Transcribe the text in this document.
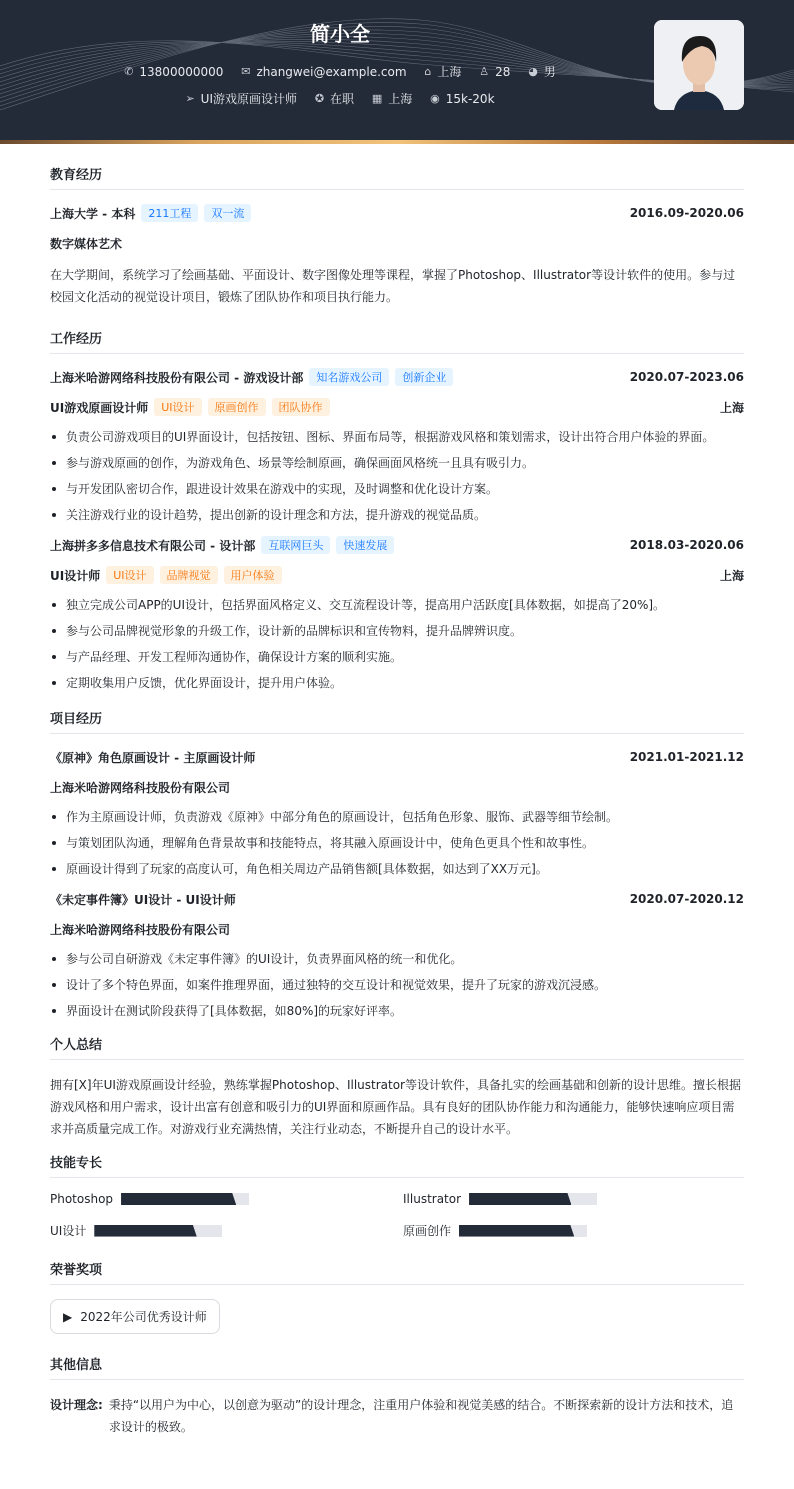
简小全
✆ 13800000000
✉ zhangwei@example.com
⌂ 上海
♙ 28
◕ 男
➢ UI游戏原画设计师
✪ 在职
▦ 上海
◉ 15k-20k
教育经历
上海大学 - 本科	211工程	双一流	2016.09-2020.06
数字媒体艺术
在大学期间，系统学习了绘画基础、平面设计、数字图像处理等课程，掌握了Photoshop、Illustrator等设计软件的使用。参与过校园文化活动的视觉设计项目，锻炼了团队协作和项目执行能力。
工作经历
上海米哈游网络科技股份有限公司 - 游戏设计部	知名游戏公司	创新企业	2020.07-2023.06
UI游戏原画设计师	UI设计	原画创作	团队协作	上海
负责公司游戏项目的UI界面设计，包括按钮、图标、界面布局等，根据游戏风格和策划需求，设计出符合用户体验的界面。
参与游戏原画的创作，为游戏角色、场景等绘制原画，确保画面风格统一且具有吸引力。
与开发团队密切合作，跟进设计效果在游戏中的实现，及时调整和优化设计方案。
关注游戏行业的设计趋势，提出创新的设计理念和方法，提升游戏的视觉品质。
上海拼多多信息技术有限公司 - 设计部	互联网巨头	快速发展	2018.03-2020.06
UI设计师	UI设计	品牌视觉	用户体验	上海
独立完成公司APP的UI设计，包括界面风格定义、交互流程设计等，提高用户活跃度[具体数据，如提高了20%]。
参与公司品牌视觉形象的升级工作，设计新的品牌标识和宣传物料，提升品牌辨识度。
与产品经理、开发工程师沟通协作，确保设计方案的顺利实施。
定期收集用户反馈，优化界面设计，提升用户体验。
项目经历
《原神》角色原画设计 - 主原画设计师	2021.01-2021.12
上海米哈游网络科技股份有限公司
作为主原画设计师，负责游戏《原神》中部分角色的原画设计，包括角色形象、服饰、武器等细节绘制。
与策划团队沟通，理解角色背景故事和技能特点，将其融入原画设计中，使角色更具个性和故事性。
原画设计得到了玩家的高度认可，角色相关周边产品销售额[具体数据，如达到了XX万元]。
《未定事件簿》UI设计 - UI设计师	2020.07-2020.12
上海米哈游网络科技股份有限公司
参与公司自研游戏《未定事件簿》的UI设计，负责界面风格的统一和优化。
设计了多个特色界面，如案件推理界面，通过独特的交互设计和视觉效果，提升了玩家的游戏沉浸感。
界面设计在测试阶段获得了[具体数据，如80%]的玩家好评率。
个人总结
拥有[X]年UI游戏原画设计经验，熟练掌握Photoshop、Illustrator等设计软件，具备扎实的绘画基础和创新的设计思维。擅长根据游戏风格和用户需求，设计出富有创意和吸引力的UI界面和原画作品。具有良好的团队协作能力和沟通能力，能够快速响应项目需求并高质量完成工作。对游戏行业充满热情，关注行业动态，不断提升自己的设计水平。
技能专长
Photoshop	Illustrator
UI设计	原画创作
荣誉奖项
▶ 2022年公司优秀设计师
其他信息
设计理念: 秉持“以用户为中心，以创意为驱动”的设计理念，注重用户体验和视觉美感的结合。不断探索新的设计方法和技术，追求设计的极致。
